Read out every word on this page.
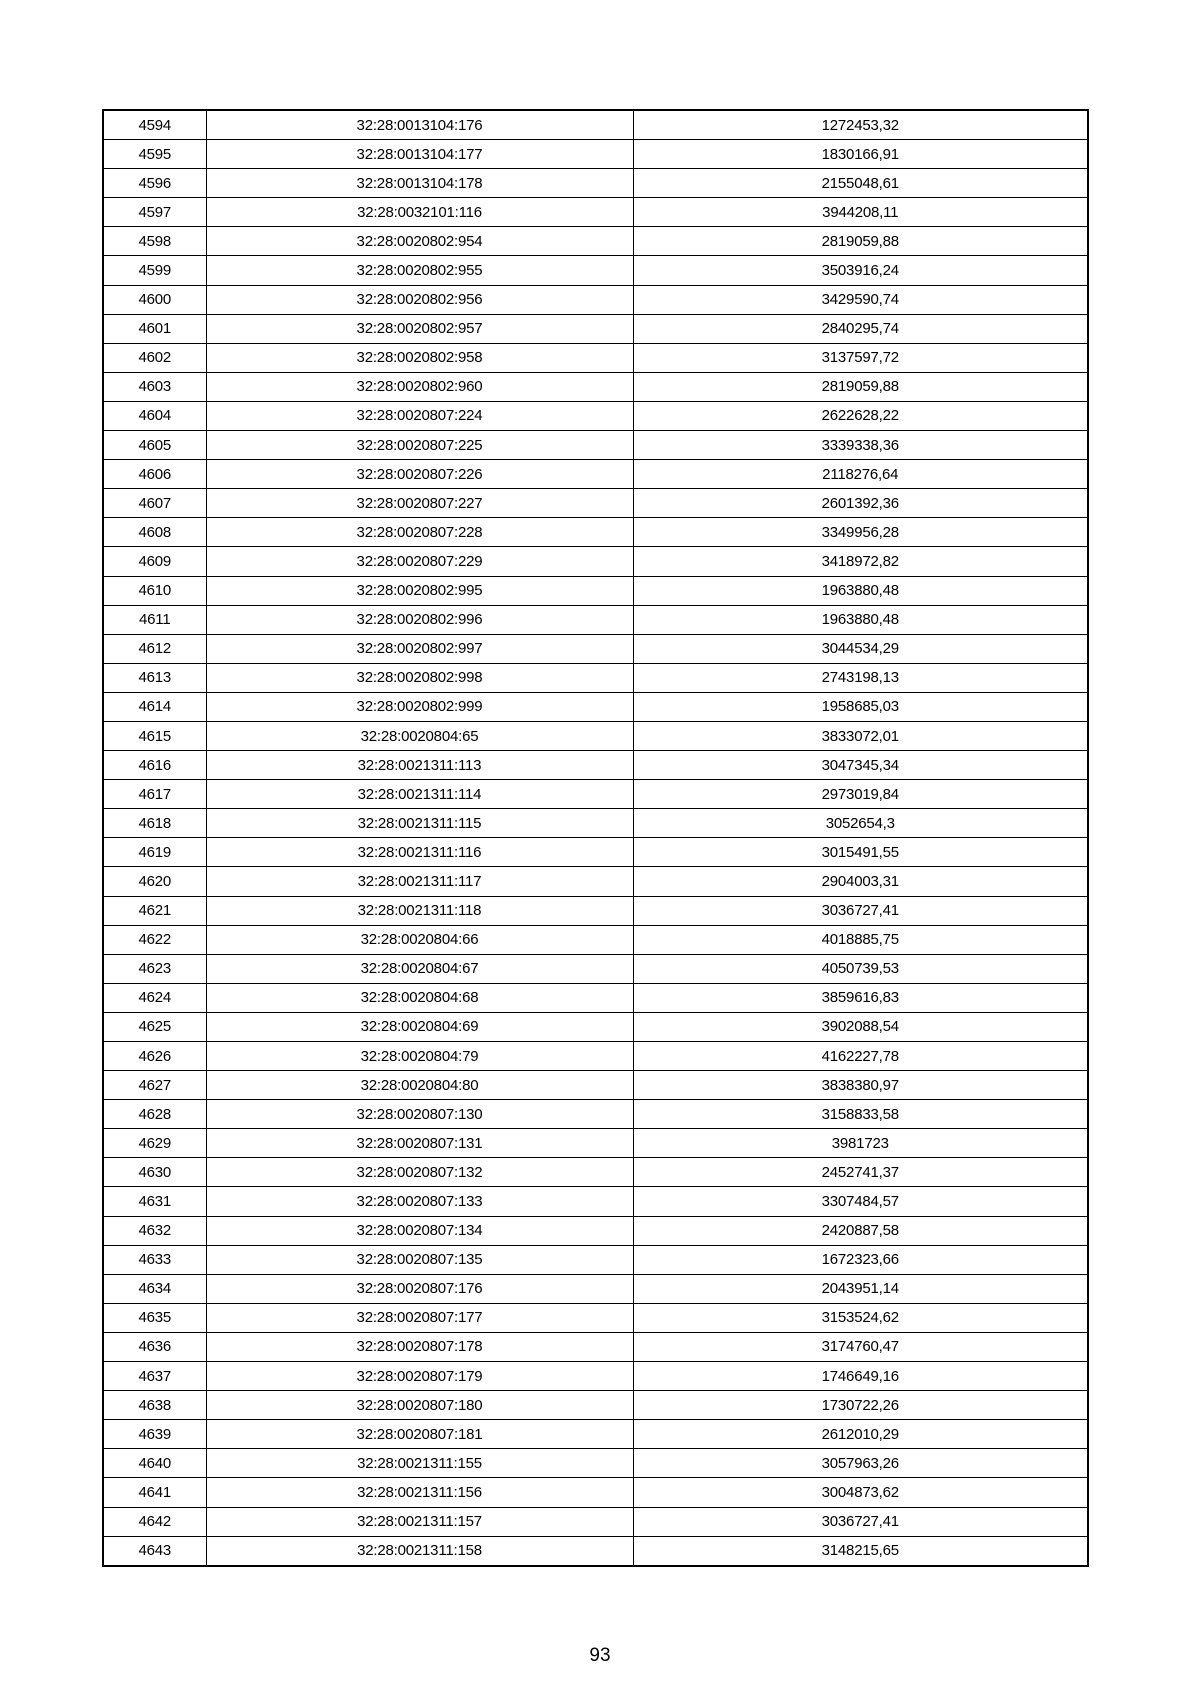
4594	32:28:0013104:176	1272453,32
4595	32:28:0013104:177	1830166,91
4596	32:28:0013104:178	2155048,61
4597	32:28:0032101:116	3944208,11
4598	32:28:0020802:954	2819059,88
4599	32:28:0020802:955	3503916,24
4600	32:28:0020802:956	3429590,74
4601	32:28:0020802:957	2840295,74
4602	32:28:0020802:958	3137597,72
4603	32:28:0020802:960	2819059,88
4604	32:28:0020807:224	2622628,22
4605	32:28:0020807:225	3339338,36
4606	32:28:0020807:226	2118276,64
4607	32:28:0020807:227	2601392,36
4608	32:28:0020807:228	3349956,28
4609	32:28:0020807:229	3418972,82
4610	32:28:0020802:995	1963880,48
4611	32:28:0020802:996	1963880,48
4612	32:28:0020802:997	3044534,29
4613	32:28:0020802:998	2743198,13
4614	32:28:0020802:999	1958685,03
4615	32:28:0020804:65	3833072,01
4616	32:28:0021311:113	3047345,34
4617	32:28:0021311:114	2973019,84
4618	32:28:0021311:115	3052654,3
4619	32:28:0021311:116	3015491,55
4620	32:28:0021311:117	2904003,31
4621	32:28:0021311:118	3036727,41
4622	32:28:0020804:66	4018885,75
4623	32:28:0020804:67	4050739,53
4624	32:28:0020804:68	3859616,83
4625	32:28:0020804:69	3902088,54
4626	32:28:0020804:79	4162227,78
4627	32:28:0020804:80	3838380,97
4628	32:28:0020807:130	3158833,58
4629	32:28:0020807:131	3981723
4630	32:28:0020807:132	2452741,37
4631	32:28:0020807:133	3307484,57
4632	32:28:0020807:134	2420887,58
4633	32:28:0020807:135	1672323,66
4634	32:28:0020807:176	2043951,14
4635	32:28:0020807:177	3153524,62
4636	32:28:0020807:178	3174760,47
4637	32:28:0020807:179	1746649,16
4638	32:28:0020807:180	1730722,26
4639	32:28:0020807:181	2612010,29
4640	32:28:0021311:155	3057963,26
4641	32:28:0021311:156	3004873,62
4642	32:28:0021311:157	3036727,41
4643	32:28:0021311:158	3148215,65
93
